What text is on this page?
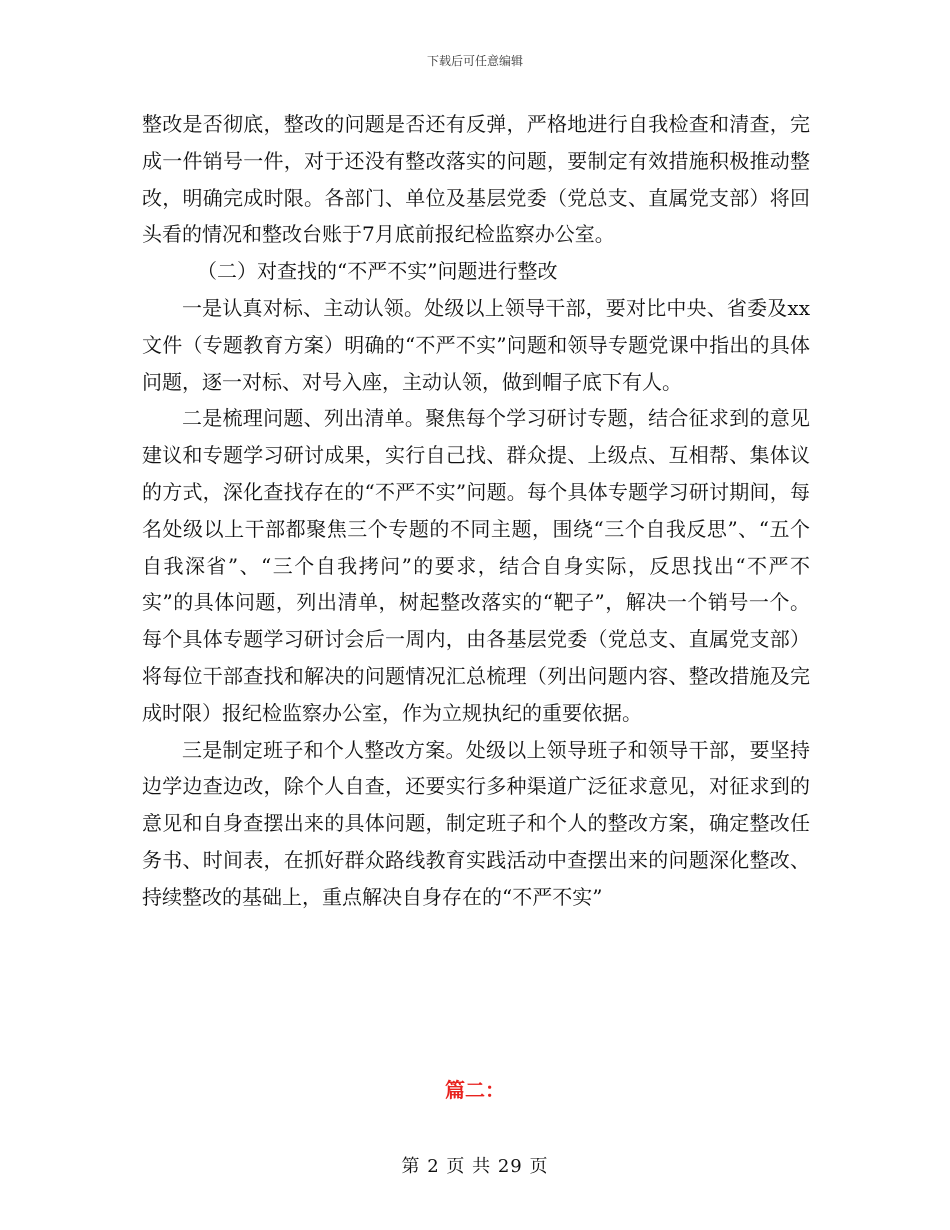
下载后可任意编辑

整改是否彻底，整改的问题是否还有反弹，严格地进行自我检查和清查，完成一件销号一件，对于还没有整改落实的问题，要制定有效措施积极推动整改，明确完成时限。各部门、单位及基层党委（党总支、直属党支部）将回头看的情况和整改台账于7月底前报纪检监察办公室。

（二）对查找的“不严不实”问题进行整改

一是认真对标、主动认领。处级以上领导干部，要对比中央、省委及xx文件（专题教育方案）明确的“不严不实”问题和领导专题党课中指出的具体问题，逐一对标、对号入座，主动认领，做到帽子底下有人。

二是梳理问题、列出清单。聚焦每个学习研讨专题，结合征求到的意见建议和专题学习研讨成果，实行自己找、群众提、上级点、互相帮、集体议的方式，深化查找存在的“不严不实”问题。每个具体专题学习研讨期间，每名处级以上干部都聚焦三个专题的不同主题，围绕“三个自我反思”、“五个自我深省”、“三个自我拷问”的要求，结合自身实际，反思找出“不严不实”的具体问题，列出清单，树起整改落实的“靶子”，解决一个销号一个。每个具体专题学习研讨会后一周内，由各基层党委（党总支、直属党支部）将每位干部查找和解决的问题情况汇总梳理（列出问题内容、整改措施及完成时限）报纪检监察办公室，作为立规执纪的重要依据。

三是制定班子和个人整改方案。处级以上领导班子和领导干部，要坚持边学边查边改，除个人自查，还要实行多种渠道广泛征求意见，对征求到的意见和自身查摆出来的具体问题，制定班子和个人的整改方案，确定整改任务书、时间表，在抓好群众路线教育实践活动中查摆出来的问题深化整改、持续整改的基础上，重点解决自身存在的“不严不实”

篇二：
第 2 页 共 29 页
